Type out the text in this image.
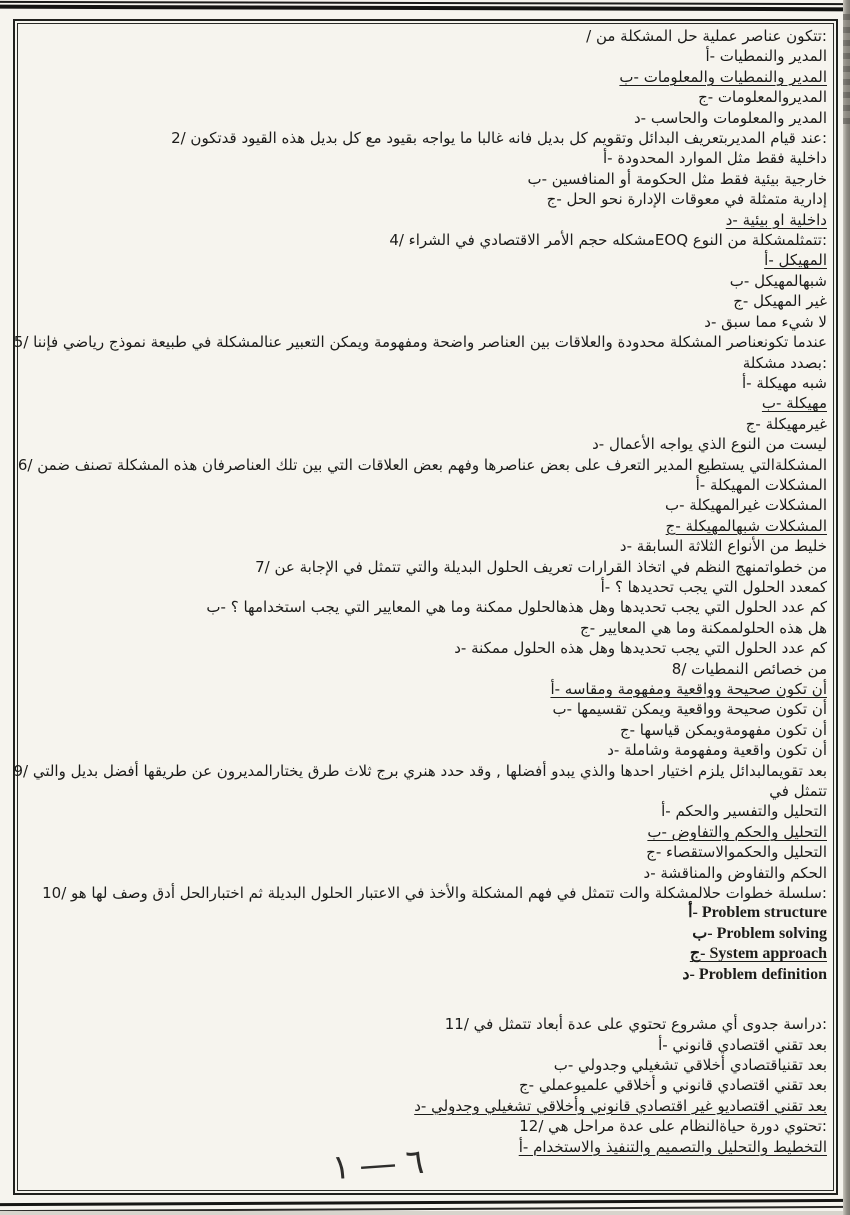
:تتكون عناصر عملية حل المشكلة من /
المدير والنمطيات -أ
المدير والنمطيات والمعلومات -ب
المديروالمعلومات -ج
المدير والمعلومات والحاسب -د
:عند قيام المديربتعريف البدائل وتقويم كل بديل فانه غالبا ما يواجه بقيود مع كل بديل هذه القيود قدتكون /2
داخلية فقط مثل الموارد المحدودة -أ
خارجية بيئية فقط مثل الحكومة أو المنافسين -ب
إدارية متمثلة في معوقات الإدارة نحو الحل -ج
داخلية او بيئية -د
:تتمثلمشكلة من النوع EOQمشكله حجم الأمر الاقتصادي في الشراء /4
المهيكل -أ
شبهالمهيكل -ب
غير المهيكل -ج
لا شيء مما سبق -د
عندما تكونعناصر المشكلة محدودة والعلاقات بين العناصر واضحة ومفهومة ويمكن التعبير عنالمشكلة في طبيعة نموذج رياضي فإننا /5
:بصدد مشكلة
شبه مهيكلة -أ
مهيكلة -ب
غيرمهيكلة -ج
ليست من النوع الذي يواجه الأعمال -د
المشكلةالتي يستطيع المدير التعرف على بعض عناصرها وفهم بعض العلاقات التي بين تلك العناصرفان هذه المشكلة تصنف ضمن /6
المشكلات المهيكلة -أ
المشكلات غيرالمهيكلة -ب
المشكلات شبهالمهيكلة -ج
خليط من الأنواع الثلاثة السابقة -د
من خطواتمنهج النظم في اتخاذ القرارات تعريف الحلول البديلة والتي تتمثل في الإجابة عن /7
كمعدد الحلول التي يجب تحديدها ؟ -أ
كم عدد الحلول التي يجب تحديدها وهل هذهالحلول ممكنة وما هي المعايير التي يجب استخدامها ؟ -ب
هل هذه الحلولممكنة وما هي المعايير -ج
كم عدد الحلول التي يجب تحديدها وهل هذه الحلول ممكنة -د
من خصائص النمطيات /8
أن تكون صحيحة وواقعية ومفهومة ومقاسه -أ
أن تكون صحيحة وواقعية ويمكن تقسيمها -ب
أن تكون مفهومةويمكن قياسها -ج
أن تكون واقعية ومفهومة وشاملة -د
بعد تقويمالبدائل يلزم اختيار احدها والذي يبدو أفضلها , وقد حدد هنري برج ثلاث طرق يختارالمديرون عن طريقها أفضل بديل والتي /9
تتمثل في
التحليل والتفسير والحكم -أ
التحليل والحكم والتفاوض -ب
التحليل والحكموالاستقصاء -ج
الحكم والتفاوض والمناقشة -د
:سلسلة خطوات حلالمشكلة والت تتمثل في فهم المشكلة والأخذ في الاعتبار الحلول البديلة ثم اختبارالحل أدق وصف لها هو /10
أ- Problem structure
ب- Problem solving
ج- System approach
د- Problem definition
:دراسة جدوى أي مشروع تحتوي على عدة أبعاد تتمثل في /11
بعد تقني اقتصادي قانوني -أ
بعد تقنياقتصادي أخلاقي تشغيلي وجدولي -ب
بعد تقني اقتصادي قانوني و أخلاقي علميوعملي -ج
بعد تقني اقتصاديو غير اقتصادي قانوني وأخلاقي تشغيلي وجدولي -د
:تحتوي دورة حياةالنظام على عدة مراحل هي /12
التخطيط والتحليل والتصميم والتنفيذ والاستخدام -أ
٦ ― ١
